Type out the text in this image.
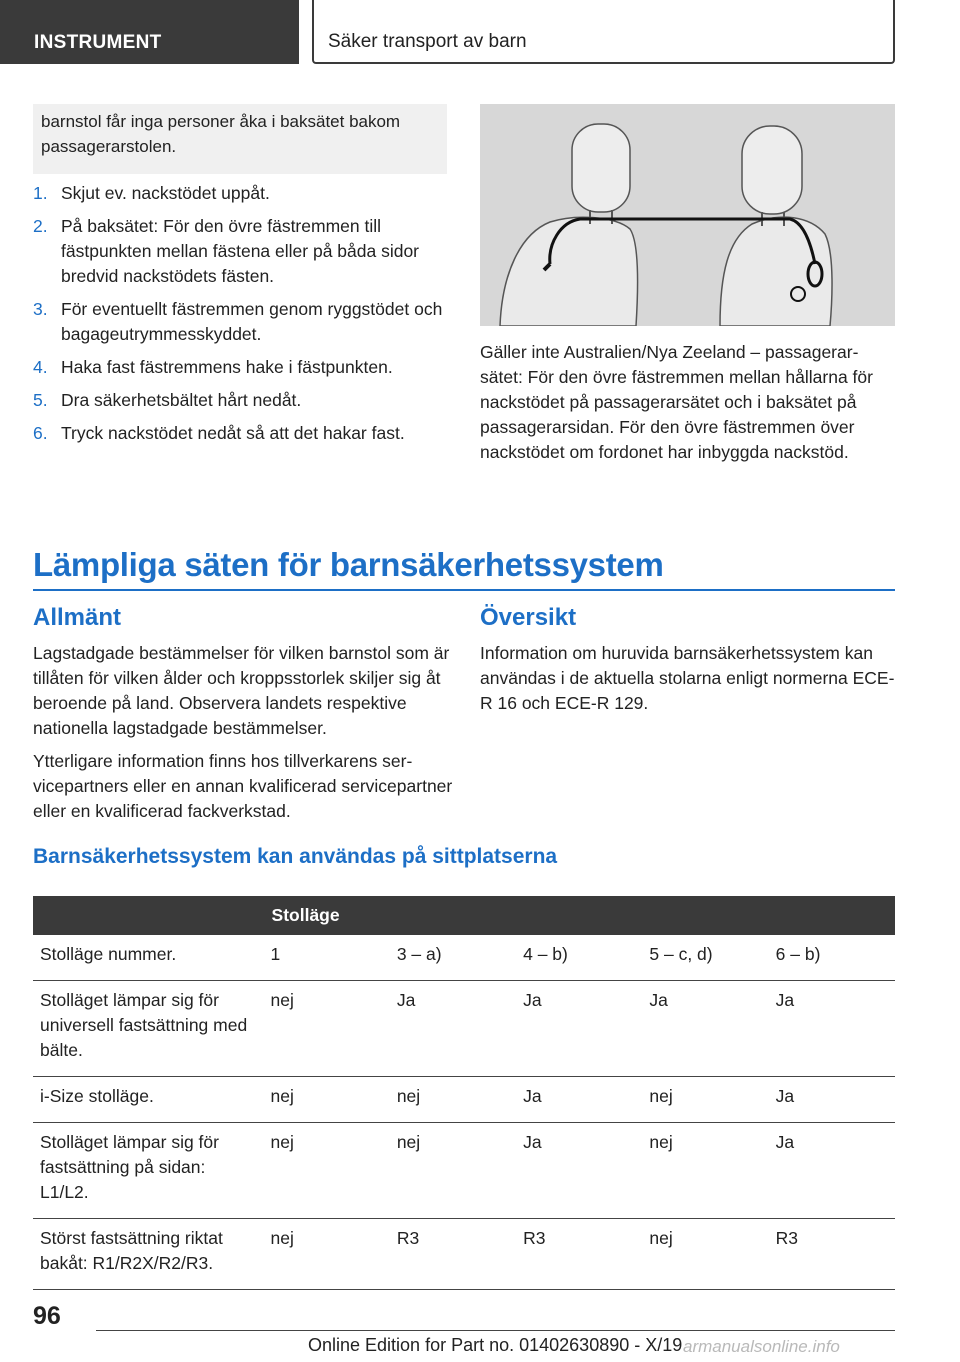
INSTRUMENT	Säker transport av barn
barnstol får inga personer åka i baksätet bakom passagerarstolen.
1. Skjut ev. nackstödet uppåt.
2. På baksätet: För den övre fästremmen till fästpunkten mellan fästena eller på båda sidor bredvid nackstödets fästen.
3. För eventuellt fästremmen genom ryggstödet och bagageutrymmesskyddet.
4. Haka fast fästremmens hake i fästpunkten.
5. Dra säkerhetsbältet hårt nedåt.
6. Tryck nackstödet nedåt så att det hakar fast.
Gäller inte Australien/Nya Zeeland – passagerarsätet: För den övre fästremmen mellan hållarna för nackstödet på passagerarsätet och i baksätet på passagerarsidan. För den övre fästremmen över nackstödet om fordonet har inbyggda nackstöd.
Lämpliga säten för barnsäkerhetssystem
Allmänt

Lagstadgade bestämmelser för vilken barnstol som är tillåten för vilken ålder och kroppsstorlek skiljer sig åt beroende på land. Observera landets respektive nationella lagstadgade bestämmelser.

Ytterligare information finns hos tillverkarens servicepartners eller en annan kvalificerad servicepartner eller en kvalificerad fackverkstad.

Översikt

Information om huruvida barnsäkerhetssystem kan användas i de aktuella stolarna enligt normerna ECE-R 16 och ECE-R 129.

Barnsäkerhetssystem kan användas på sittplatserna
	Stolläge				
Stolläge nummer.	1	3 – a)	4 – b)	5 – c, d)	6 – b)
Stolläget lämpar sig för universell fastsättning med bälte.	nej	Ja	Ja	Ja	Ja
i-Size stolläge.	nej	nej	Ja	nej	Ja
Stolläget lämpar sig för fastsättning på sidan: L1/L2.	nej	nej	Ja	nej	Ja
Störst fastsättning riktat bakåt: R1/R2X/R2/R3.	nej	R3	R3	nej	R3
96
Online Edition for Part no. 01402630890 - X/19 armanualsonline.info
